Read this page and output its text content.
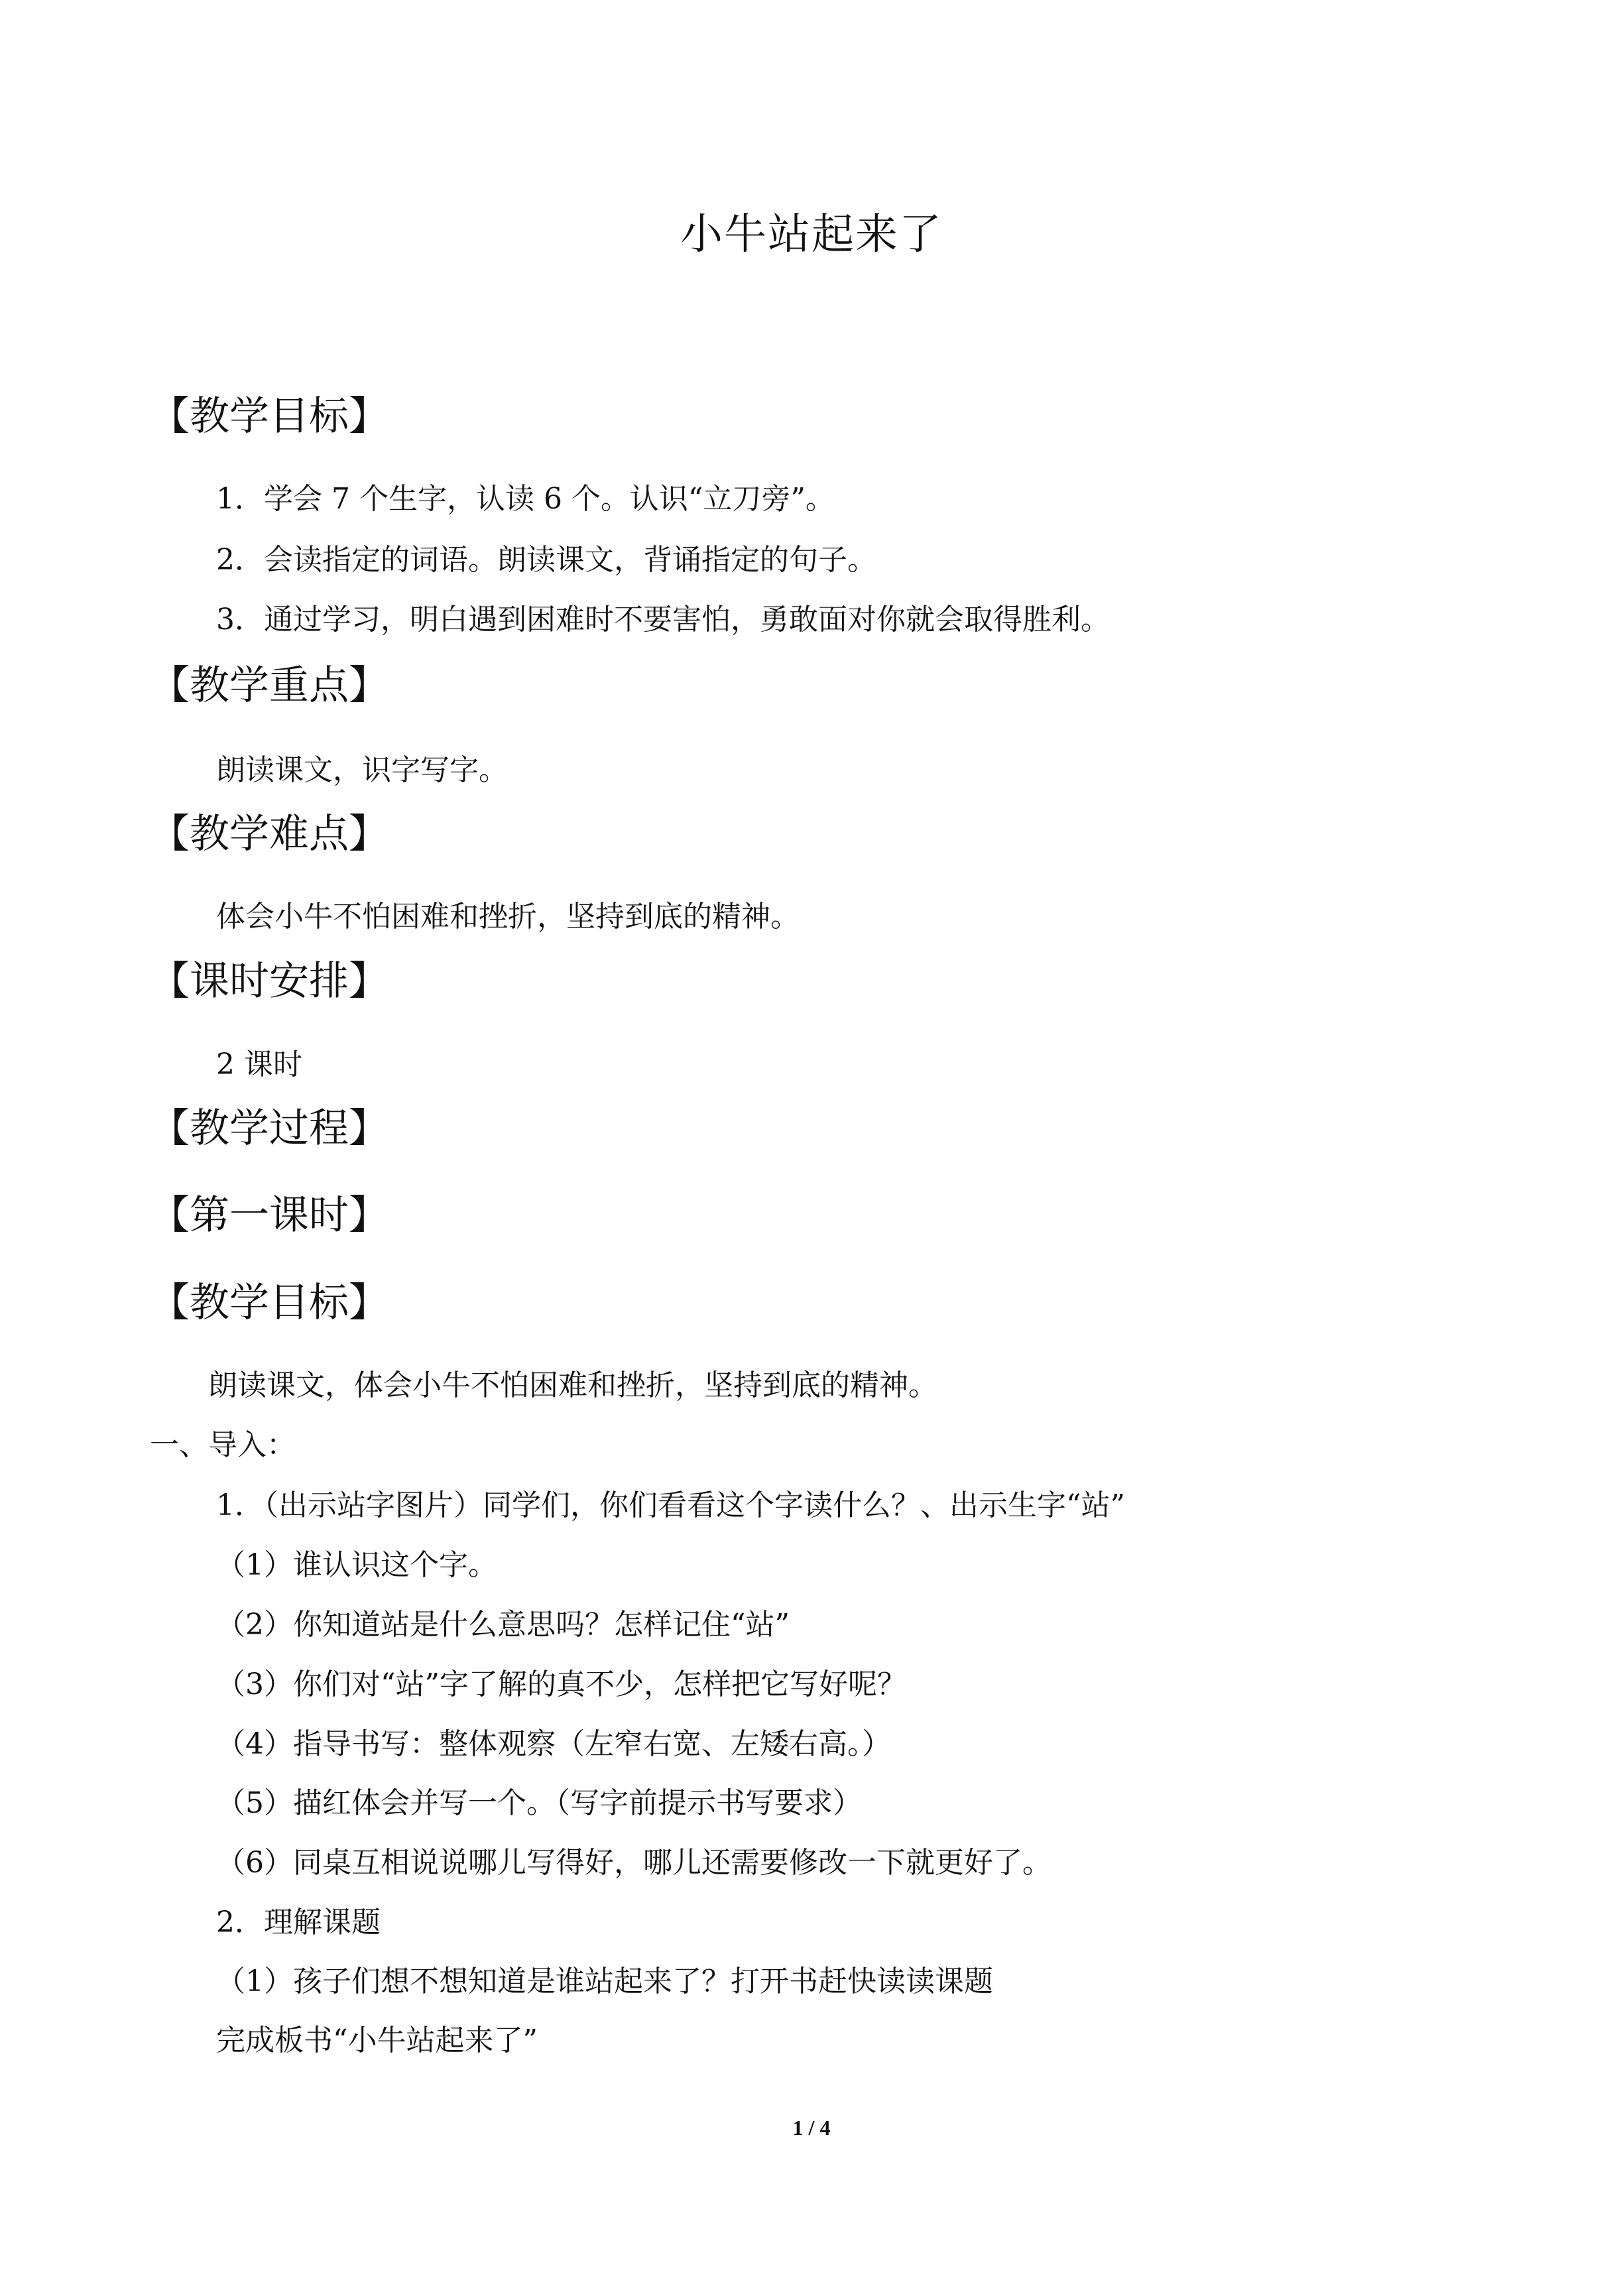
小牛站起来了
【教学目标】
1．学会 7 个生字，认读 6 个。认识“立刀旁”。
2．会读指定的词语。朗读课文，背诵指定的句子。
3．通过学习，明白遇到困难时不要害怕，勇敢面对你就会取得胜利。
【教学重点】
朗读课文，识字写字。
【教学难点】
体会小牛不怕困难和挫折，坚持到底的精神。
【课时安排】
2 课时
【教学过程】
【第一课时】
【教学目标】
朗读课文，体会小牛不怕困难和挫折，坚持到底的精神。
一、导入：
1．（出示站字图片）同学们，你们看看这个字读什么？、出示生字“站”
（1）谁认识这个字。
（2）你知道站是什么意思吗？怎样记住“站”
（3）你们对“站”字了解的真不少，怎样把它写好呢？
（4）指导书写：整体观察（左窄右宽、左矮右高。）
（5）描红体会并写一个。（写字前提示书写要求）
（6）同桌互相说说哪儿写得好，哪儿还需要修改一下就更好了。
2．理解课题
（1）孩子们想不想知道是谁站起来了？打开书赶快读读课题
完成板书“小牛站起来了”
1 / 4
